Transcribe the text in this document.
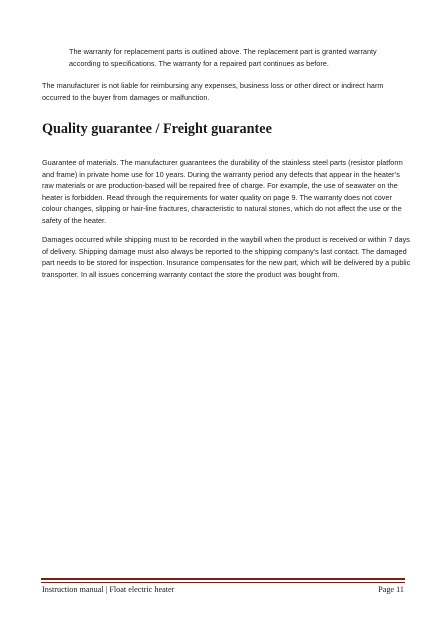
The warranty for replacement parts is outlined above. The replacement part is granted warranty according to specifications. The warranty for a repaired part continues as before.

The manufacturer is not liable for reimbursing any expenses, business loss or other direct or indirect harm occurred to the buyer from damages or malfunction.

Quality guarantee / Freight guarantee

Guarantee of materials. The manufacturer guarantees the durability of the stainless steel parts (resistor platform and frame) in private home use for 10 years. During the warranty period any defects that appear in the heater’s raw materials or are production-based will be repaired free of charge. For example, the use of seawater on the heater is forbidden. Read through the requirements for water quality on page 9. The warranty does not cover colour changes, slipping or hair-line fractures, characteristic to natural stones, which do not affect the use or the safety of the heater.

Damages occurred while shipping must to be recorded in the waybill when the product is received or within 7 days of delivery. Shipping damage must also always be reported to the shipping company’s last contact. The damaged part needs to be stored for inspection. Insurance compensates for the new part, which will be delivered by a public transporter. In all issues concerning warranty contact the store the product was bought from.

Instruction manual | Float electric heater	Page 11
